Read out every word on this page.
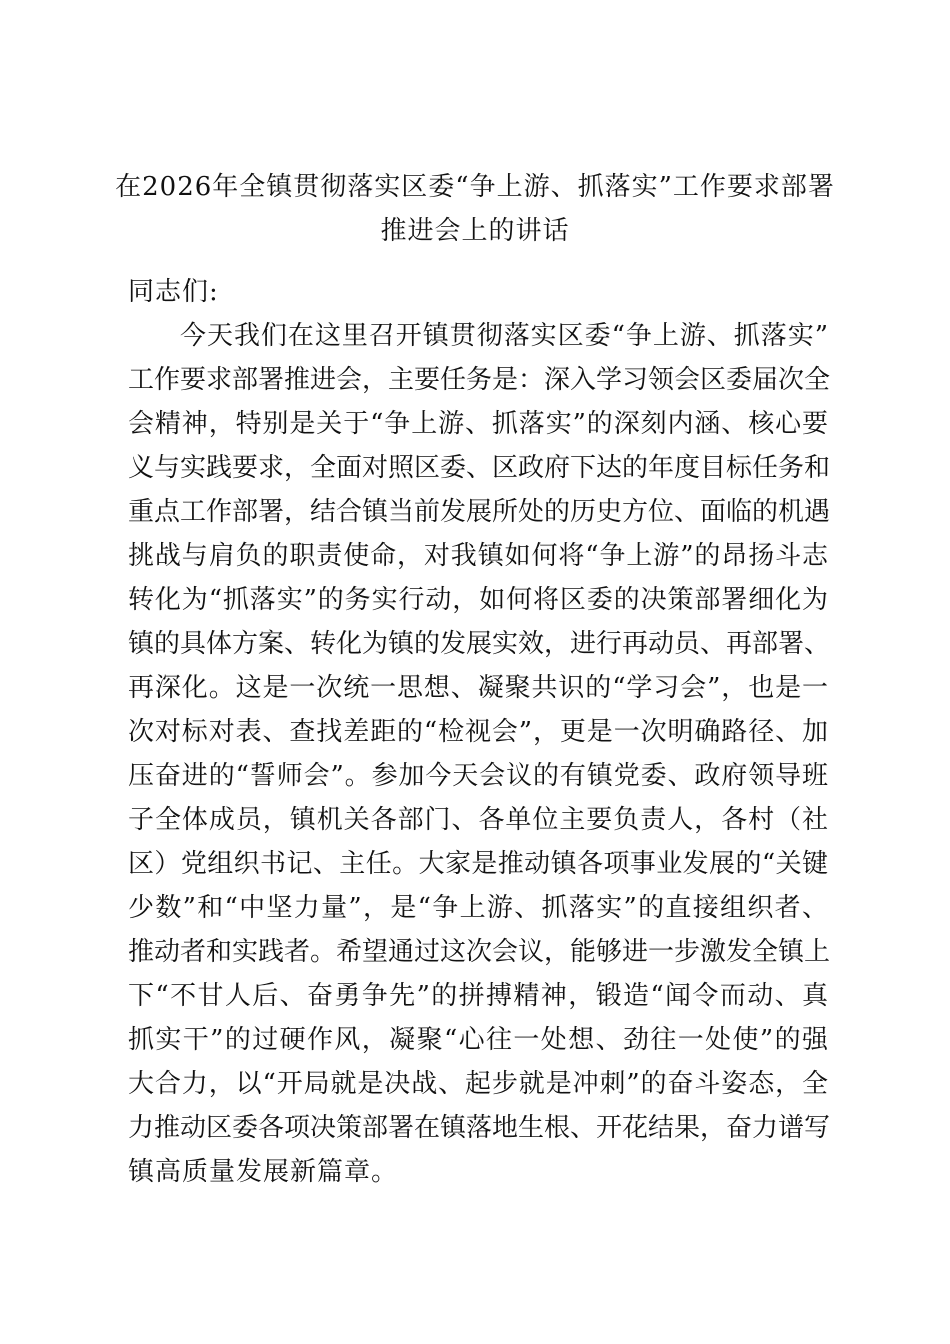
在2026年全镇贯彻落实区委“争上游、抓落实”工作要求部署
推进会上的讲话
同志们:
今天我们在这里召开镇贯彻落实区委“争上游、抓落实”
工作要求部署推进会，主要任务是：深入学习领会区委届次全
会精神，特别是关于“争上游、抓落实”的深刻内涵、核心要
义与实践要求，全面对照区委、区政府下达的年度目标任务和
重点工作部署，结合镇当前发展所处的历史方位、面临的机遇
挑战与肩负的职责使命，对我镇如何将“争上游”的昂扬斗志
转化为“抓落实”的务实行动，如何将区委的决策部署细化为
镇的具体方案、转化为镇的发展实效，进行再动员、再部署、
再深化。这是一次统一思想、凝聚共识的“学习会”，也是一
次对标对表、查找差距的“检视会”，更是一次明确路径、加
压奋进的“誓师会”。参加今天会议的有镇党委、政府领导班
子全体成员，镇机关各部门、各单位主要负责人，各村（社
区）党组织书记、主任。大家是推动镇各项事业发展的“关键
少数”和“中坚力量”，是“争上游、抓落实”的直接组织者、
推动者和实践者。希望通过这次会议，能够进一步激发全镇上
下“不甘人后、奋勇争先”的拼搏精神，锻造“闻令而动、真
抓实干”的过硬作风，凝聚“心往一处想、劲往一处使”的强
大合力，以“开局就是决战、起步就是冲刺”的奋斗姿态，全
力推动区委各项决策部署在镇落地生根、开花结果，奋力谱写
镇高质量发展新篇章。
